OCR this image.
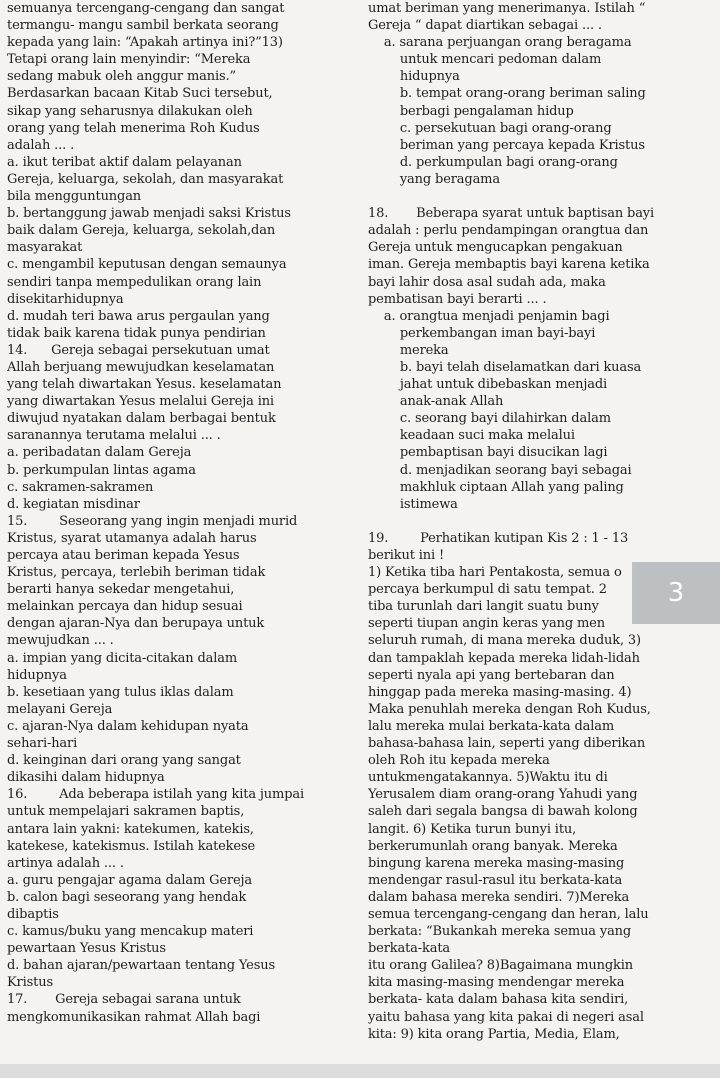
semuanya tercengang-cengang dan sangat
termangu- mangu sambil berkata seorang
kepada yang lain: “Apakah artinya ini?”13)
Tetapi orang lain menyindir: “Mereka
sedang mabuk oleh anggur manis.”
Berdasarkan bacaan Kitab Suci tersebut,
sikap yang seharusnya dilakukan oleh
orang yang telah menerima Roh Kudus
adalah ... .
a. ikut teribat aktif dalam pelayanan
Gereja, keluarga, sekolah, dan masyarakat
bila mengguntungan
b. bertanggung jawab menjadi saksi Kristus
baik dalam Gereja, keluarga, sekolah,dan
masyarakat
c. mengambil keputusan dengan semaunya
sendiri tanpa mempedulikan orang lain
disekitarhidupnya
d. mudah teri bawa arus pergaulan yang
tidak baik karena tidak punya pendirian
14.      Gereja sebagai persekutuan umat
Allah berjuang mewujudkan keselamatan
yang telah diwartakan Yesus. keselamatan
yang diwartakan Yesus melalui Gereja ini
diwujud nyatakan dalam berbagai bentuk
saranannya terutama melalui ... .
a. peribadatan dalam Gereja
b. perkumpulan lintas agama
c. sakramen-sakramen
d. kegiatan misdinar
15.        Seseorang yang ingin menjadi murid
Kristus, syarat utamanya adalah harus
percaya atau beriman kepada Yesus
Kristus, percaya, terlebih beriman tidak
berarti hanya sekedar mengetahui,
melainkan percaya dan hidup sesuai
dengan ajaran-Nya dan berupaya untuk
mewujudkan ... .
a. impian yang dicita-citakan dalam
hidupnya
b. kesetiaan yang tulus iklas dalam
melayani Gereja
c. ajaran-Nya dalam kehidupan nyata
sehari-hari
d. keinginan dari orang yang sangat
dikasihi dalam hidupnya
16.        Ada beberapa istilah yang kita jumpai
untuk mempelajari sakramen baptis,
antara lain yakni: katekumen, katekis,
katekese, katekismus. Istilah katekese
artinya adalah ... .
a. guru pengajar agama dalam Gereja
b. calon bagi seseorang yang hendak
dibaptis
c. kamus/buku yang mencakup materi
pewartaan Yesus Kristus
d. bahan ajaran/pewartaan tentang Yesus
Kristus
17.       Gereja sebagai sarana untuk
mengkomunikasikan rahmat Allah bagi
umat beriman yang menerimanya. Istilah “
Gereja “ dapat diartikan sebagai ... .
a. sarana perjuangan orang beragama
untuk mencari pedoman dalam
hidupnya
b. tempat orang-orang beriman saling
berbagi pengalaman hidup
c. persekutuan bagi orang-orang
beriman yang percaya kepada Kristus
d. perkumpulan bagi orang-orang
yang beragama
18.       Beberapa syarat untuk baptisan bayi
adalah : perlu pendampingan orangtua dan
Gereja untuk mengucapkan pengakuan
iman. Gereja membaptis bayi karena ketika
bayi lahir dosa asal sudah ada, maka
pembatisan bayi berarti ... .
a. orangtua menjadi penjamin bagi
perkembangan iman bayi-bayi
mereka
b. bayi telah diselamatkan dari kuasa
jahat untuk dibebaskan menjadi
anak-anak Allah
c. seorang bayi dilahirkan dalam
keadaan suci maka melalui
pembaptisan bayi disucikan lagi
d. menjadikan seorang bayi sebagai
makhluk ciptaan Allah yang paling
istimewa
19.        Perhatikan kutipan Kis 2 : 1 - 13
berikut ini !
1) Ketika tiba hari Pentakosta, semua o
percaya berkumpul di satu tempat. 2
tiba turunlah dari langit suatu buny
seperti tiupan angin keras yang men
seluruh rumah, di mana mereka duduk, 3)
dan tampaklah kepada mereka lidah-lidah
seperti nyala api yang bertebaran dan
hinggap pada mereka masing-masing. 4)
Maka penuhlah mereka dengan Roh Kudus,
lalu mereka mulai berkata-kata dalam
bahasa-bahasa lain, seperti yang diberikan
oleh Roh itu kepada mereka
untukmengatakannya. 5)Waktu itu di
Yerusalem diam orang-orang Yahudi yang
saleh dari segala bangsa di bawah kolong
langit. 6) Ketika turun bunyi itu,
berkerumunlah orang banyak. Mereka
bingung karena mereka masing-masing
mendengar rasul-rasul itu berkata-kata
dalam bahasa mereka sendiri. 7)Mereka
semua tercengang-cengang dan heran, lalu
berkata: “Bukankah mereka semua yang
berkata-kata
itu orang Galilea? 8)Bagaimana mungkin
kita masing-masing mendengar mereka
berkata- kata dalam bahasa kita sendiri,
yaitu bahasa yang kita pakai di negeri asal
kita: 9) kita orang Partia, Media, Elam,
3
